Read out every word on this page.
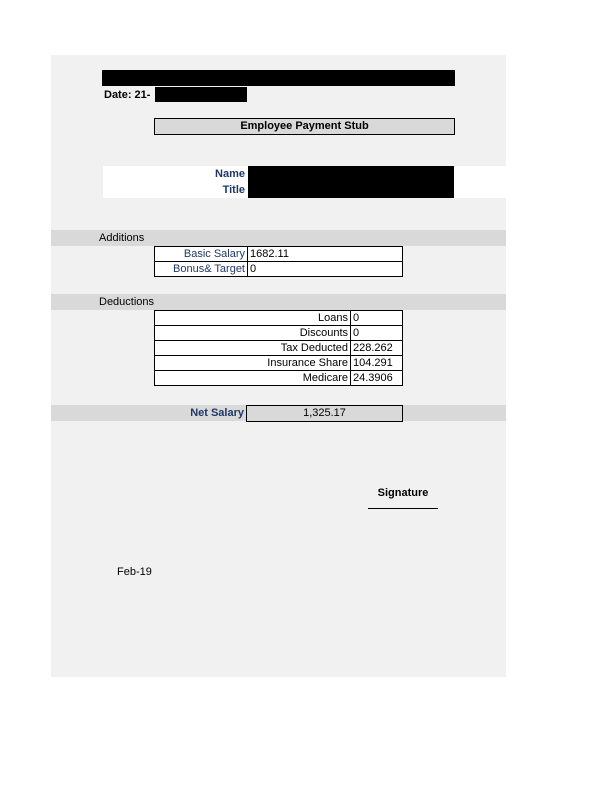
Date: 21-
Employee Payment Stub
Name
Title
Additions
Basic Salary	1682.11
Bonus& Target	0
Deductions
Loans	0
Discounts	0
Tax Deducted	228.262
Insurance Share	104.291
Medicare	24.3906
Net Salary	1,325.17
Signature
Feb-19
